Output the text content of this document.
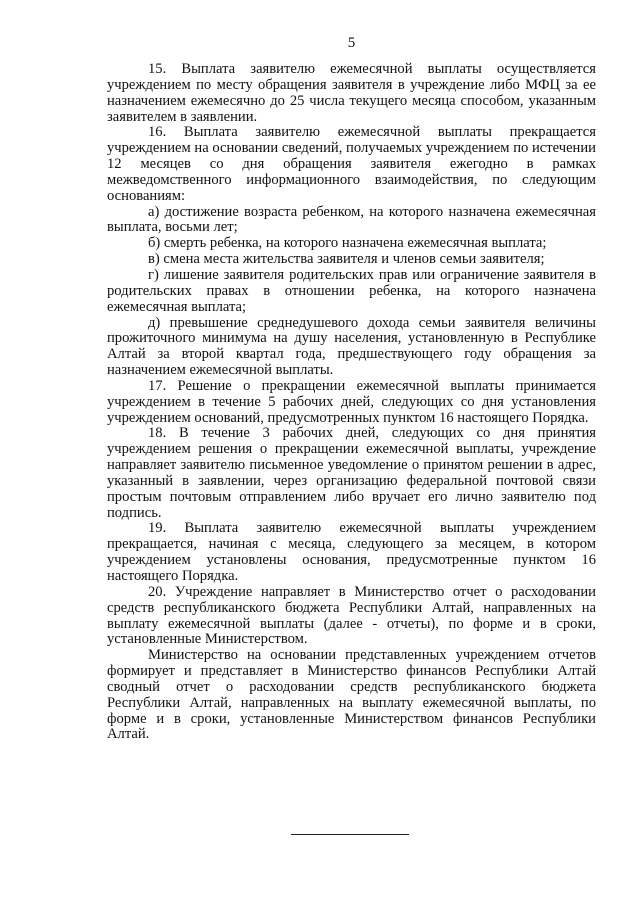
5

15. Выплата заявителю ежемесячной выплаты осуществляется учреждением по месту обращения заявителя в учреждение либо МФЦ за ее назначением ежемесячно до 25 числа текущего месяца способом, указанным заявителем в заявлении.

16. Выплата заявителю ежемесячной выплаты прекращается учреждением на основании сведений, получаемых учреждением по истечении 12 месяцев со дня обращения заявителя ежегодно в рамках межведомственного информационного взаимодействия, по следующим основаниям:

а) достижение возраста ребенком, на которого назначена ежемесячная выплата, восьми лет;

б) смерть ребенка, на которого назначена ежемесячная выплата;

в) смена места жительства заявителя и членов семьи заявителя;

г) лишение заявителя родительских прав или ограничение заявителя в родительских правах в отношении ребенка, на которого назначена ежемесячная выплата;

д) превышение среднедушевого дохода семьи заявителя величины прожиточного минимума на душу населения, установленную в Республике Алтай за второй квартал года, предшествующего году обращения за назначением ежемесячной выплаты.

17. Решение о прекращении ежемесячной выплаты принимается учреждением в течение 5 рабочих дней, следующих со дня установления учреждением оснований, предусмотренных пунктом 16 настоящего Порядка.

18. В течение 3 рабочих дней, следующих со дня принятия учреждением решения о прекращении ежемесячной выплаты, учреждение направляет заявителю письменное уведомление о принятом решении в адрес, указанный в заявлении, через организацию федеральной почтовой связи простым почтовым отправлением либо вручает его лично заявителю под подпись.

19. Выплата заявителю ежемесячной выплаты учреждением прекращается, начиная с месяца, следующего за месяцем, в котором учреждением установлены основания, предусмотренные пунктом 16 настоящего Порядка.

20. Учреждение направляет в Министерство отчет о расходовании средств республиканского бюджета Республики Алтай, направленных на выплату ежемесячной выплаты (далее - отчеты), по форме и в сроки, установленные Министерством.

Министерство на основании представленных учреждением отчетов формирует и представляет в Министерство финансов Республики Алтай сводный отчет о расходовании средств республиканского бюджета Республики Алтай, направленных на выплату ежемесячной выплаты, по форме и в сроки, установленные Министерством финансов Республики Алтай.
